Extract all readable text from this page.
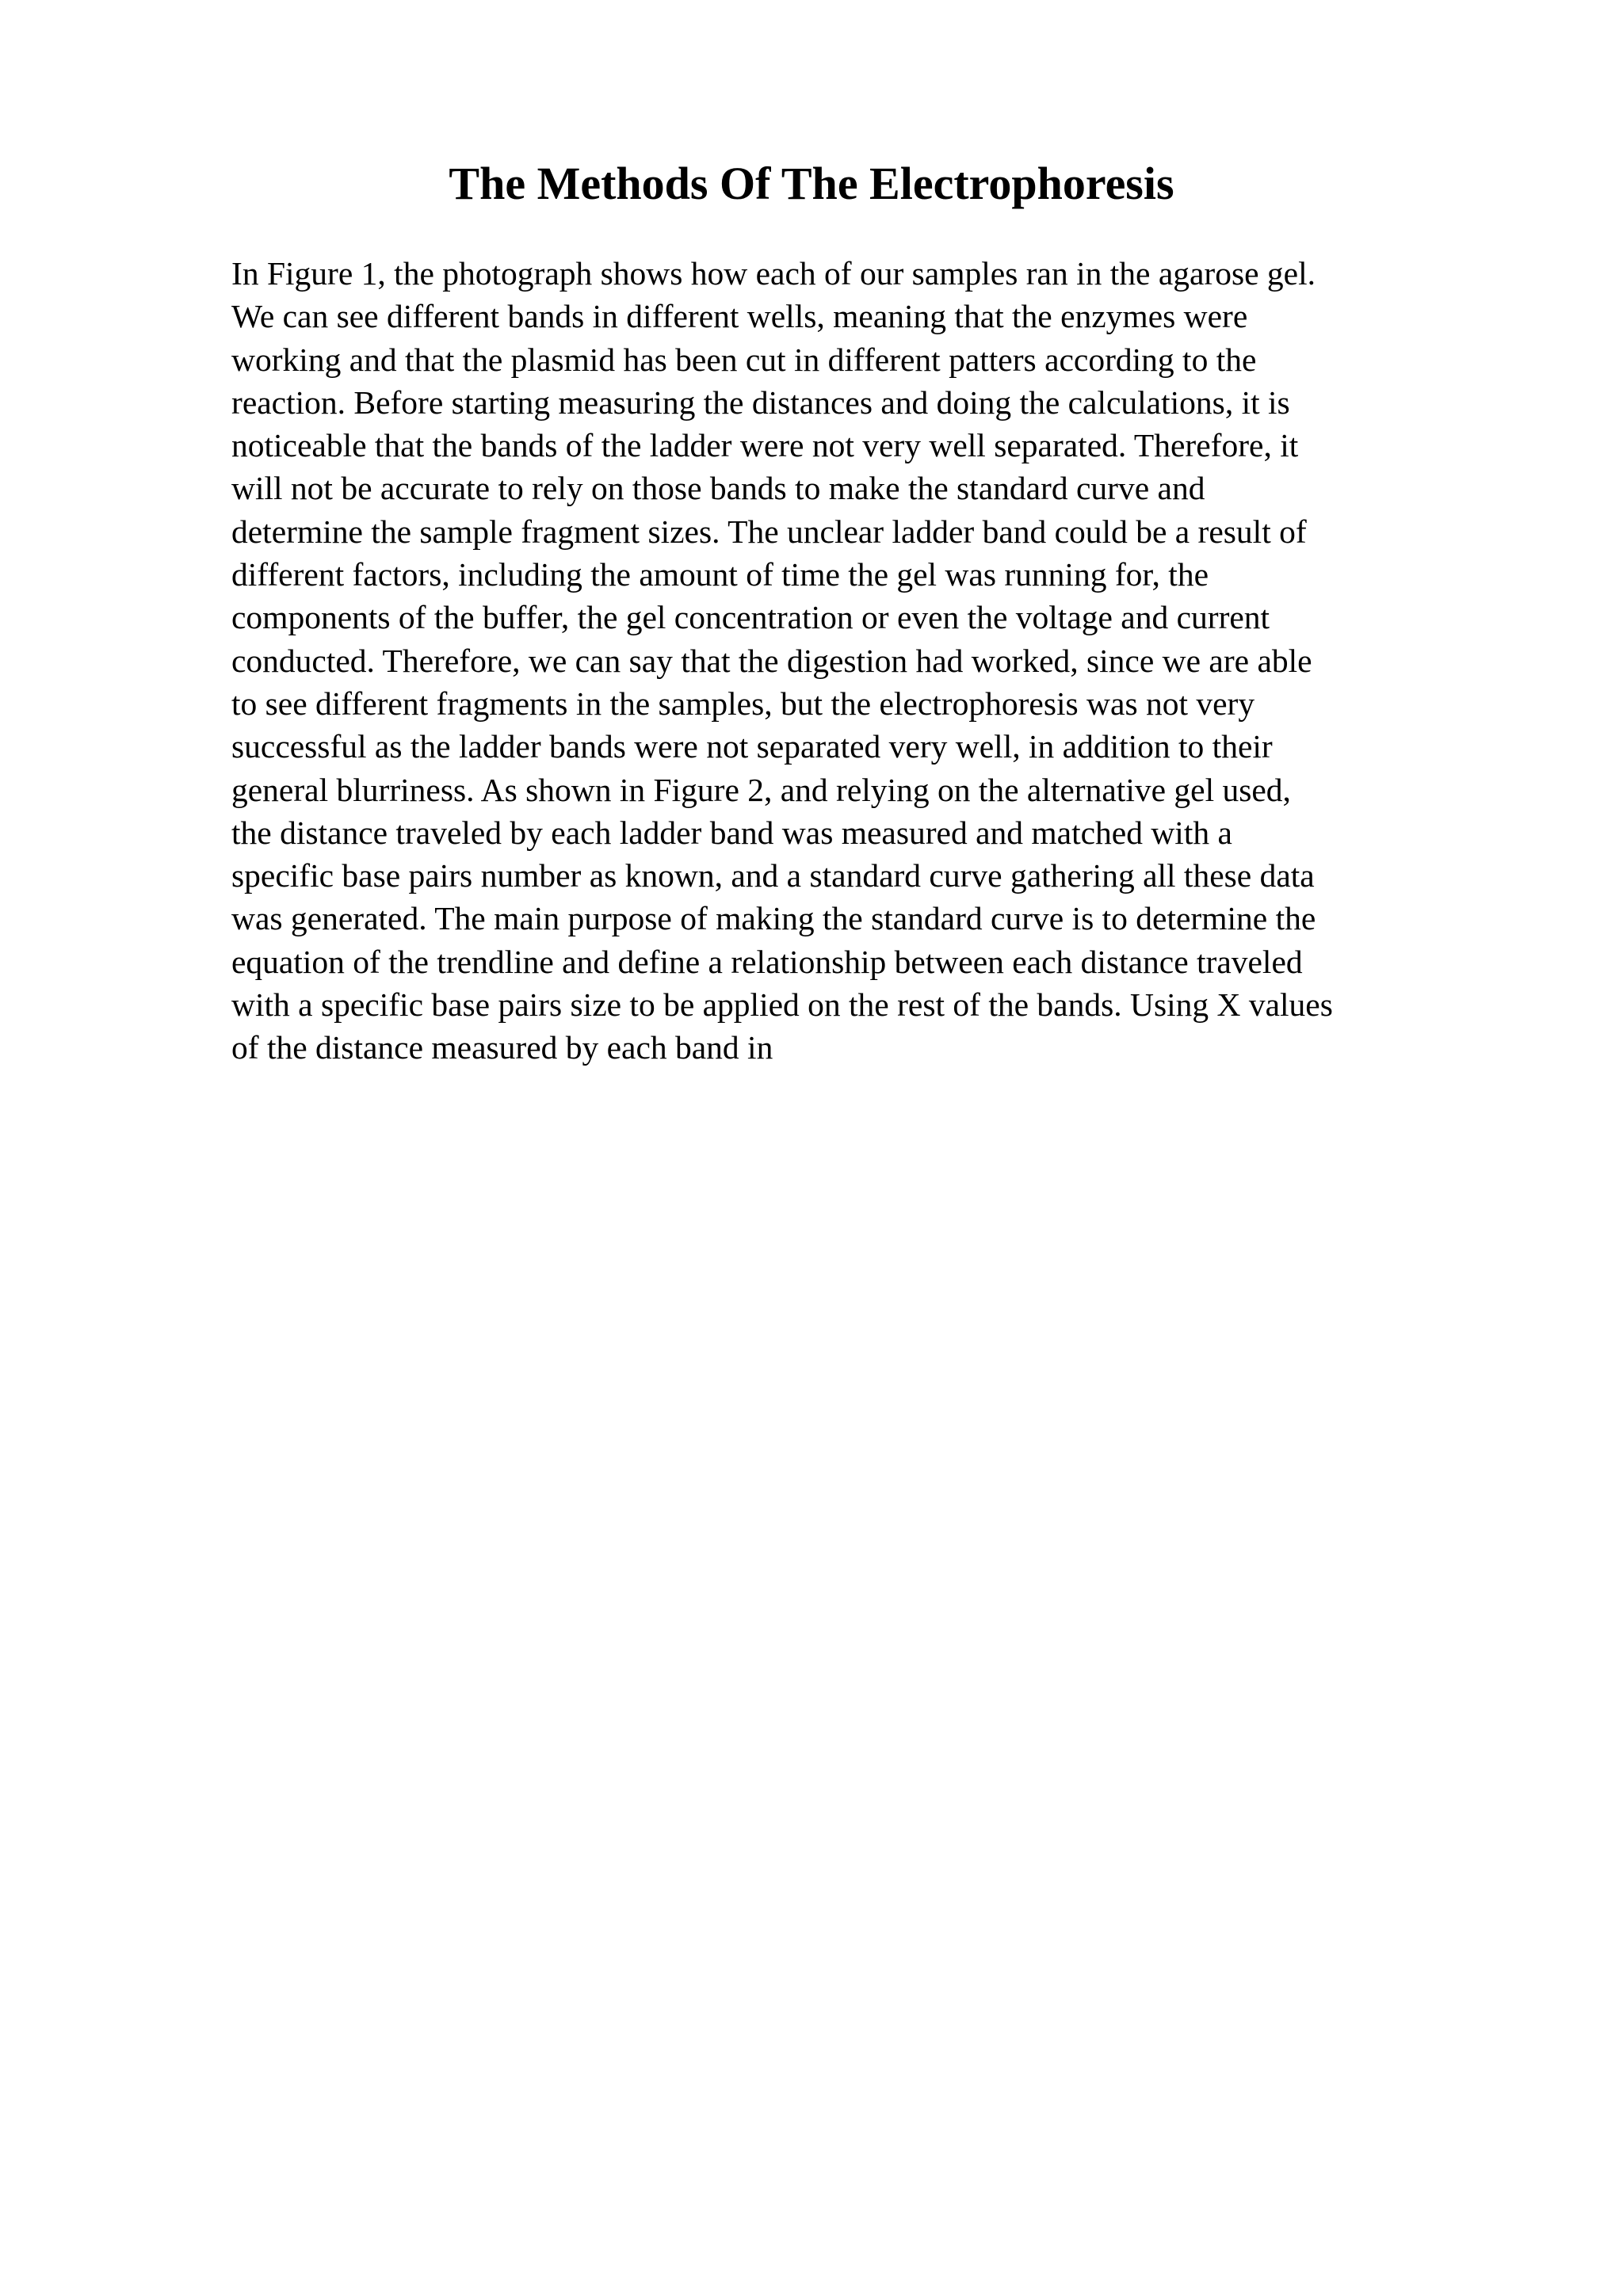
The Methods Of The Electrophoresis
In Figure 1, the photograph shows how each of our samples ran in the agarose gel.
We can see different bands in different wells, meaning that the enzymes were
working and that the plasmid has been cut in different patters according to the
reaction. Before starting measuring the distances and doing the calculations, it is
noticeable that the bands of the ladder were not very well separated. Therefore, it
will not be accurate to rely on those bands to make the standard curve and
determine the sample fragment sizes. The unclear ladder band could be a result of
different factors, including the amount of time the gel was running for, the
components of the buffer, the gel concentration or even the voltage and current
conducted. Therefore, we can say that the digestion had worked, since we are able
to see different fragments in the samples, but the electrophoresis was not very
successful as the ladder bands were not separated very well, in addition to their
general blurriness. As shown in Figure 2, and relying on the alternative gel used,
the distance traveled by each ladder band was measured and matched with a
specific base pairs number as known, and a standard curve gathering all these data
was generated. The main purpose of making the standard curve is to determine the
equation of the trendline and define a relationship between each distance traveled
with a specific base pairs size to be applied on the rest of the bands. Using X values
of the distance measured by each band in
